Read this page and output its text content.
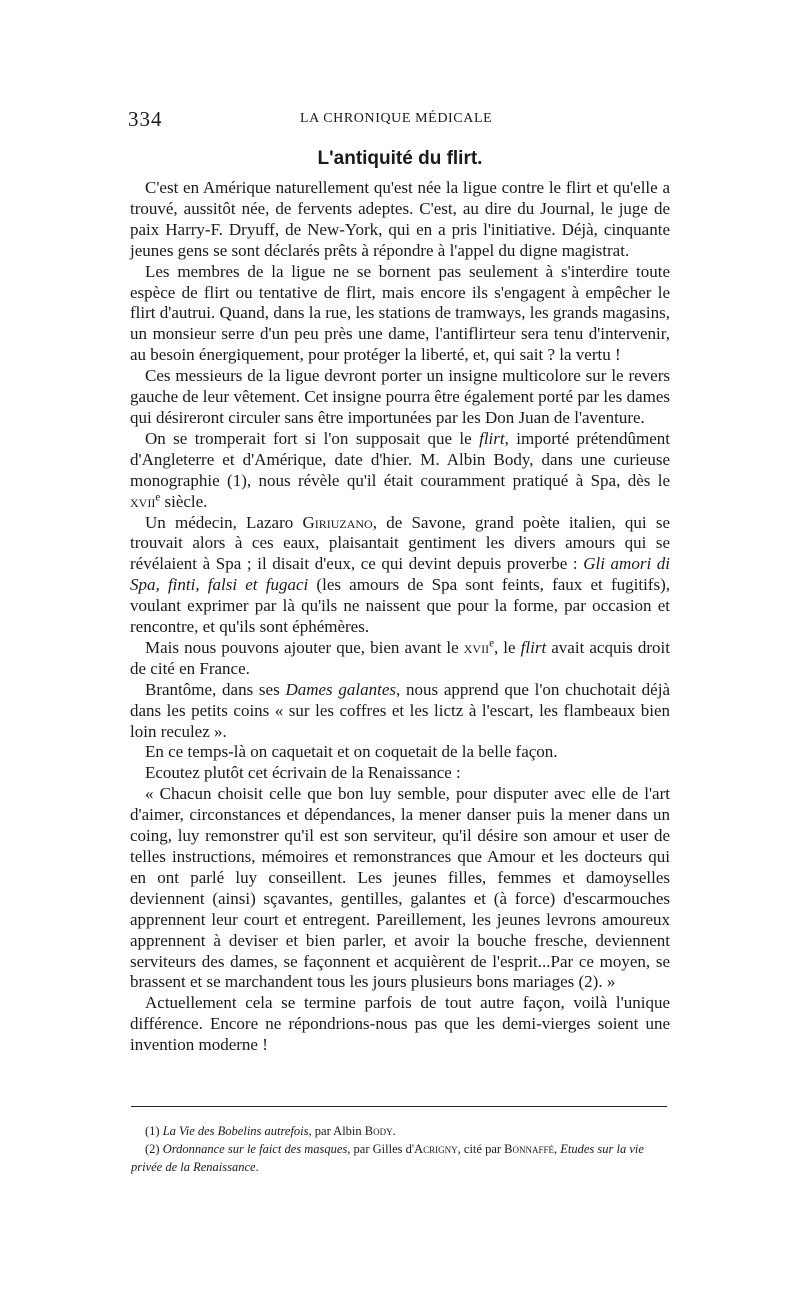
334	LA CHRONIQUE MÉDICALE
L'antiquité du flirt.

C'est en Amérique naturellement qu'est née la ligue contre le flirt et qu'elle a trouvé, aussitôt née, de fervents adeptes. C'est, au dire du Journal, le juge de paix Harry-F. Dryuff, de New-York, qui en a pris l'initiative. Déjà, cinquante jeunes gens se sont déclarés prêts à répondre à l'appel du digne magistrat.

Les membres de la ligue ne se bornent pas seulement à s'interdire toute espèce de flirt ou tentative de flirt, mais encore ils s'engagent à empêcher le flirt d'autrui. Quand, dans la rue, les stations de tramways, les grands magasins, un monsieur serre d'un peu près une dame, l'antiflirteur sera tenu d'intervenir, au besoin énergiquement, pour protéger la liberté, et, qui sait ? la vertu !

Ces messieurs de la ligue devront porter un insigne multicolore sur le revers gauche de leur vêtement. Cet insigne pourra être également porté par les dames qui désireront circuler sans être importunées par les Don Juan de l'aventure.

On se tromperait fort si l'on supposait que le flirt, importé prétendûment d'Angleterre et d'Amérique, date d'hier. M. Albin Body, dans une curieuse monographie (1), nous révèle qu'il était couramment pratiqué à Spa, dès le xvii$^e$ siècle.

Un médecin, Lazaro Giriuzano, de Savone, grand poète italien, qui se trouvait alors à ces eaux, plaisantait gentiment les divers amours qui se révélaient à Spa ; il disait d'eux, ce qui devint depuis proverbe : Gli amori di Spa, finti, falsi et fugaci (les amours de Spa sont feints, faux et fugitifs), voulant exprimer par là qu'ils ne naissent que pour la forme, par occasion et rencontre, et qu'ils sont éphémères.

Mais nous pouvons ajouter que, bien avant le xvii$^e$, le flirt avait acquis droit de cité en France.

Brantôme, dans ses Dames galantes, nous apprend que l'on chuchotait déjà dans les petits coins « sur les coffres et les lictz à l'escart, les flambeaux bien loin reculez ».

En ce temps-là on caquetait et on coquetait de la belle façon.

Ecoutez plutôt cet écrivain de la Renaissance :

« Chacun choisit celle que bon luy semble, pour disputer avec elle de l'art d'aimer, circonstances et dépendances, la mener danser puis la mener dans un coing, luy remonstrer qu'il est son serviteur, qu'il désire son amour et user de telles instructions, mémoires et remonstrances que Amour et les docteurs qui en ont parlé luy conseillent. Les jeunes filles, femmes et damoyselles deviennent (ainsi) sçavantes, gentilles, galantes et (à force) d'escarmouches apprennent leur court et entregent. Pareillement, les jeunes levrons amoureux apprennent à deviser et bien parler, et avoir la bouche fresche, deviennent serviteurs des dames, se façonnent et acquièrent de l'esprit...Par ce moyen, se brassent et se marchandent tous les jours plusieurs bons mariages (2). »

Actuellement cela se termine parfois de tout autre façon, voilà l'unique différence. Encore ne répondrions-nous pas que les demi-vierges soient une invention moderne !

(1) La Vie des Bobelins autrefois, par Albin Body.

(2) Ordonnance sur le faict des masques, par Gilles d'Acrigny, cité par Bonnaffé, Etudes sur la vie privée de la Renaissance.
